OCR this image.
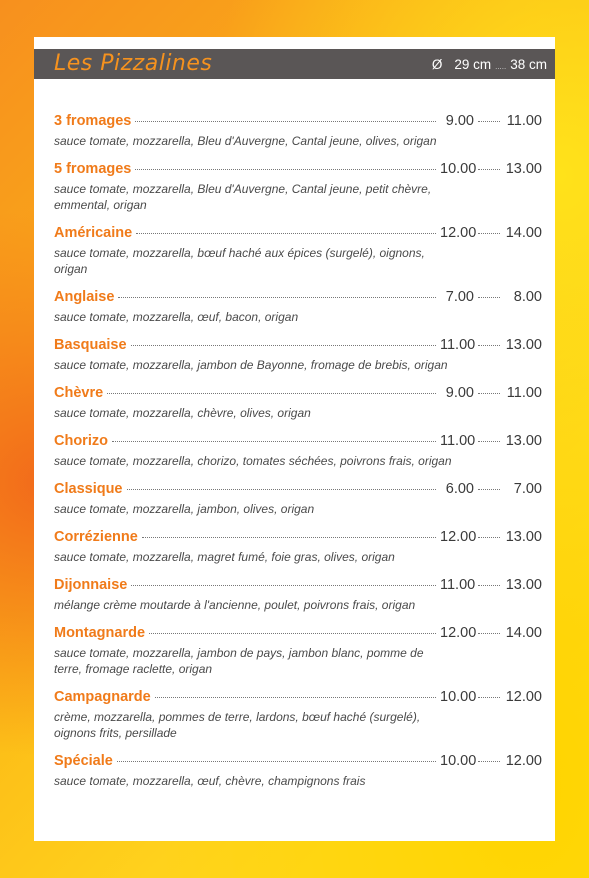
Les Pizzalines	Ø 29 cm ..... 38 cm
3 fromages	9.00 11.00
sauce tomate, mozzarella, Bleu d'Auvergne, Cantal jeune, olives, origan
5 fromages	10.00 13.00
sauce tomate, mozzarella, Bleu d'Auvergne, Cantal jeune, petit chèvre, emmental, origan
Américaine	12.00 14.00
sauce tomate, mozzarella, bœuf haché aux épices (surgelé), oignons, origan
Anglaise	7.00	8.00
sauce tomate, mozzarella, œuf, bacon, origan
Basquaise	11.00 13.00
sauce tomate, mozzarella, jambon de Bayonne, fromage de brebis, origan
Chèvre	9.00 11.00
sauce tomate, mozzarella, chèvre, olives, origan
Chorizo	11.00 13.00
sauce tomate, mozzarella, chorizo, tomates séchées, poivrons frais, origan
Classique	6.00	7.00
sauce tomate, mozzarella, jambon, olives, origan
Corrézienne	12.00 13.00
sauce tomate, mozzarella, magret fumé, foie gras, olives, origan
Dijonnaise	11.00 13.00
mélange crème moutarde à l'ancienne, poulet, poivrons frais, origan
Montagnarde	12.00 14.00
sauce tomate, mozzarella, jambon de pays, jambon blanc, pomme de terre, fromage raclette, origan
Campagnarde	10.00 12.00
crème, mozzarella, pommes de terre, lardons, bœuf haché (surgelé), oignons frits, persillade
Spéciale	10.00 12.00
sauce tomate, mozzarella, œuf, chèvre, champignons frais
